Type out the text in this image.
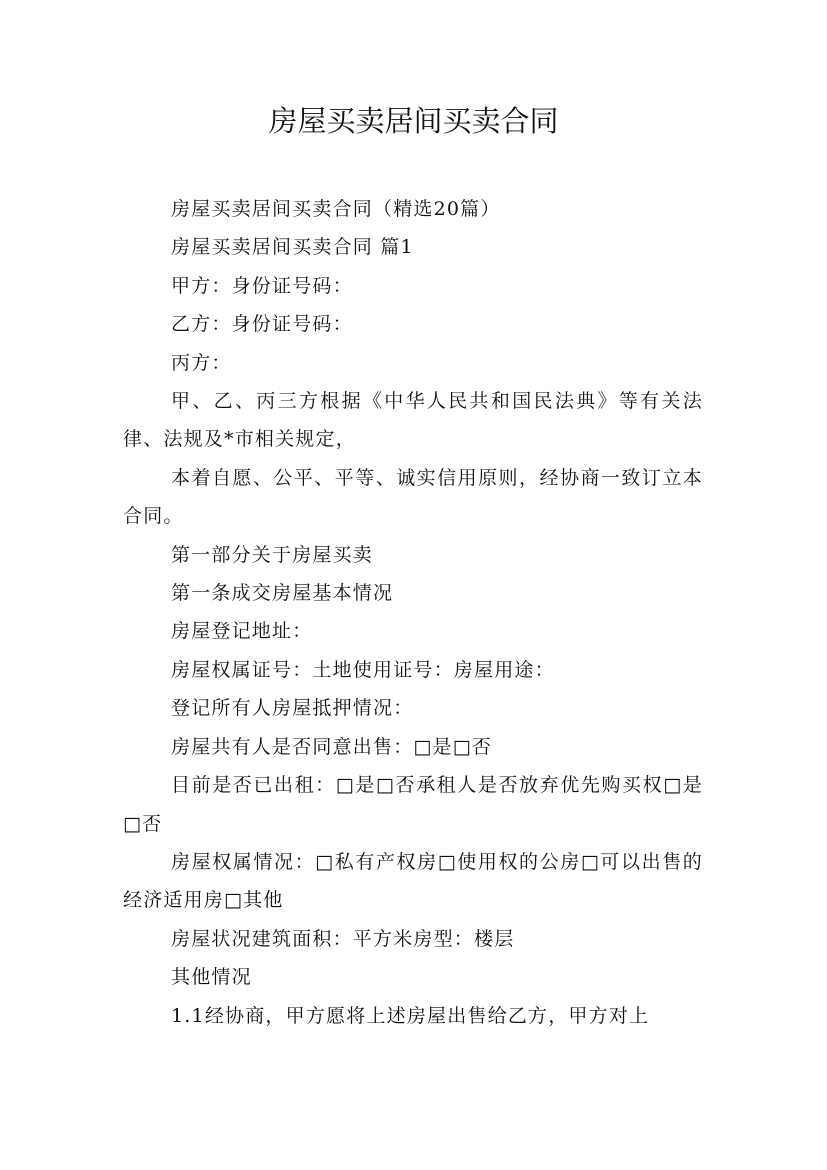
房屋买卖居间买卖合同

房屋买卖居间买卖合同（精选20篇）

房屋买卖居间买卖合同 篇1

甲方：身份证号码：

乙方：身份证号码：

丙方：

甲、乙、丙三方根据《中华人民共和国民法典》等有关法律、法规及*市相关规定，

本着自愿、公平、平等、诚实信用原则，经协商一致订立本合同。

第一部分关于房屋买卖

第一条成交房屋基本情况

房屋登记地址：

房屋权属证号：土地使用证号：房屋用途：

登记所有人房屋抵押情况：

房屋共有人是否同意出售：□是□否

目前是否已出租：□是□否承租人是否放弃优先购买权□是□否

房屋权属情况：□私有产权房□使用权的公房□可以出售的经济适用房□其他

房屋状况建筑面积：平方米房型：楼层

其他情况

1.1经协商，甲方愿将上述房屋出售给乙方，甲方对上
